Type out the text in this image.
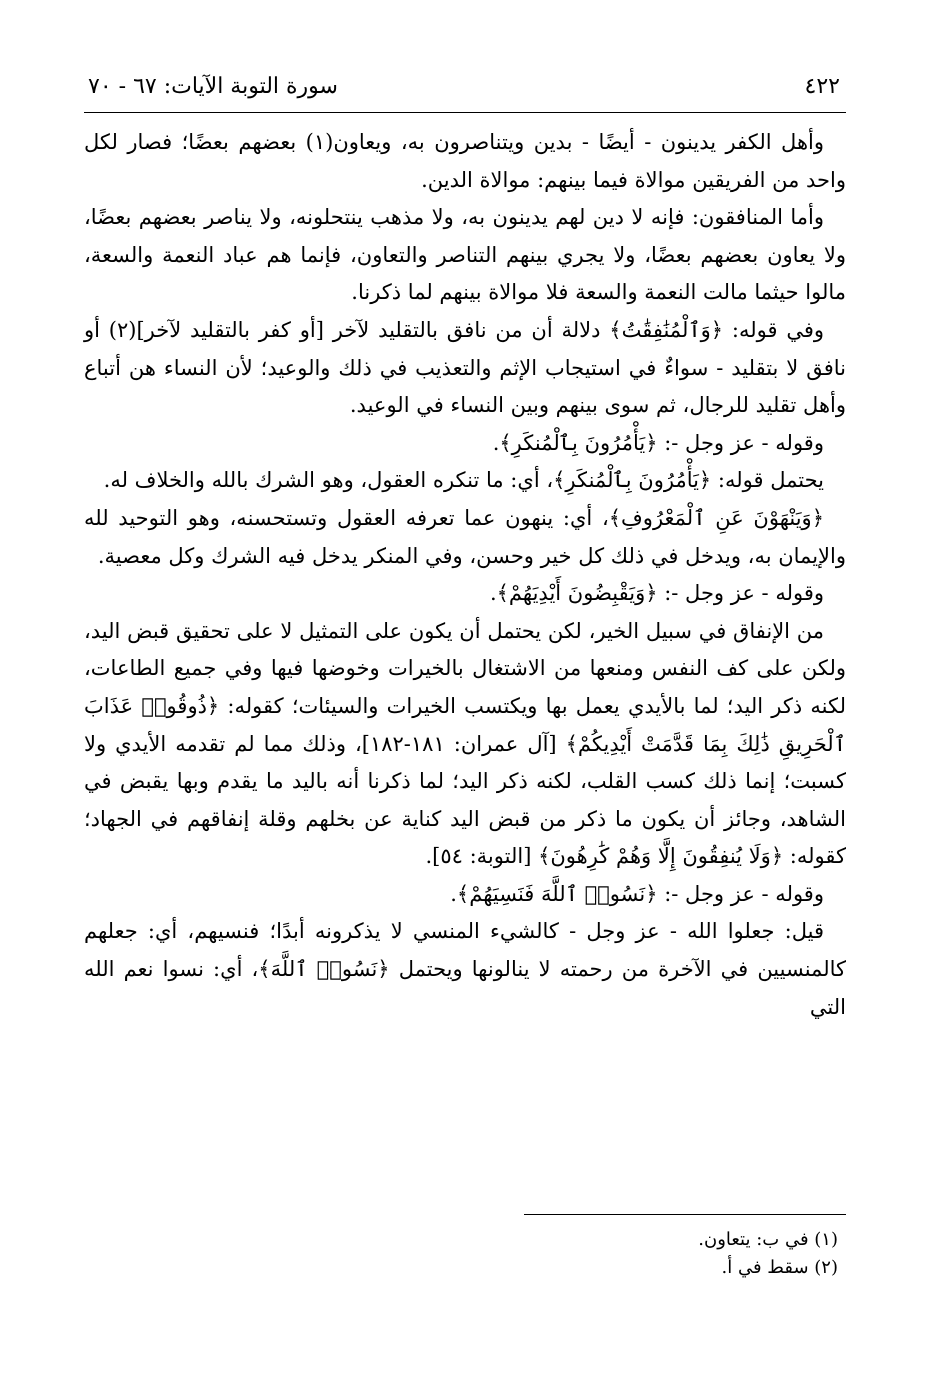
٤٢٢
سورة التوبة الآيات: ٦٧ - ٧٠

وأهل الكفر يدينون - أيضًا - بدين ويتناصرون به، ويعاون(١) بعضهم بعضًا؛ فصار لكل واحد من الفريقين موالاة فيما بينهم: موالاة الدين.

وأما المنافقون: فإنه لا دين لهم يدينون به، ولا مذهب ينتحلونه، ولا يناصر بعضهم بعضًا، ولا يعاون بعضهم بعضًا، ولا يجري بينهم التناصر والتعاون، فإنما هم عباد النعمة والسعة، مالوا حيثما مالت النعمة والسعة فلا موالاة بينهم لما ذكرنا.

وفي قوله: ﴿وَٱلْمُنَٰفِقَٰتُ﴾ دلالة أن من نافق بالتقليد لآخر [أو كفر بالتقليد لآخر](٢) أو نافق لا بتقليد - سواءٌ في استيجاب الإثم والتعذيب في ذلك والوعيد؛ لأن النساء هن أتباع وأهل تقليد للرجال، ثم سوى بينهم وبين النساء في الوعيد.

وقوله - عز وجل -: ﴿يَأْمُرُونَ بِٱلْمُنكَرِ﴾.

يحتمل قوله: ﴿يَأْمُرُونَ بِٱلْمُنكَرِ﴾، أي: ما تنكره العقول، وهو الشرك بالله والخلاف له.

﴿وَيَنْهَوْنَ عَنِ ٱلْمَعْرُوفِ﴾، أي: ينهون عما تعرفه العقول وتستحسنه، وهو التوحيد لله والإيمان به، ويدخل في ذلك كل خير وحسن، وفي المنكر يدخل فيه الشرك وكل معصية.

وقوله - عز وجل -: ﴿وَيَقْبِضُونَ أَيْدِيَهُمْ﴾.

من الإنفاق في سبيل الخير، لكن يحتمل أن يكون على التمثيل لا على تحقيق قبض اليد، ولكن على كف النفس ومنعها من الاشتغال بالخيرات وخوضها فيها وفي جميع الطاعات، لكنه ذكر اليد؛ لما بالأيدي يعمل بها ويكتسب الخيرات والسيئات؛ كقوله: ﴿ذُوقُوا۟ عَذَابَ ٱلْحَرِيقِ ذَٰلِكَ بِمَا قَدَّمَتْ أَيْدِيكُمْ﴾ [آل عمران: ١٨١-١٨٢]، وذلك مما لم تقدمه الأيدي ولا كسبت؛ إنما ذلك كسب القلب، لكنه ذكر اليد؛ لما ذكرنا أنه باليد ما يقدم وبها يقبض في الشاهد، وجائز أن يكون ما ذكر من قبض اليد كناية عن بخلهم وقلة إنفاقهم في الجهاد؛ كقوله: ﴿وَلَا يُنفِقُونَ إِلَّا وَهُمْ كَٰرِهُونَ﴾ [التوبة: ٥٤].

وقوله - عز وجل -: ﴿نَسُوا۟ ٱللَّهَ فَنَسِيَهُمْ﴾.

قيل: جعلوا الله - عز وجل - كالشيء المنسي لا يذكرونه أبدًا؛ فنسيهم، أي: جعلهم كالمنسيين في الآخرة من رحمته لا ينالونها ويحتمل ﴿نَسُوا۟ ٱللَّهَ﴾، أي: نسوا نعم الله التي

(١) في ب: يتعاون.
(٢) سقط في أ.
